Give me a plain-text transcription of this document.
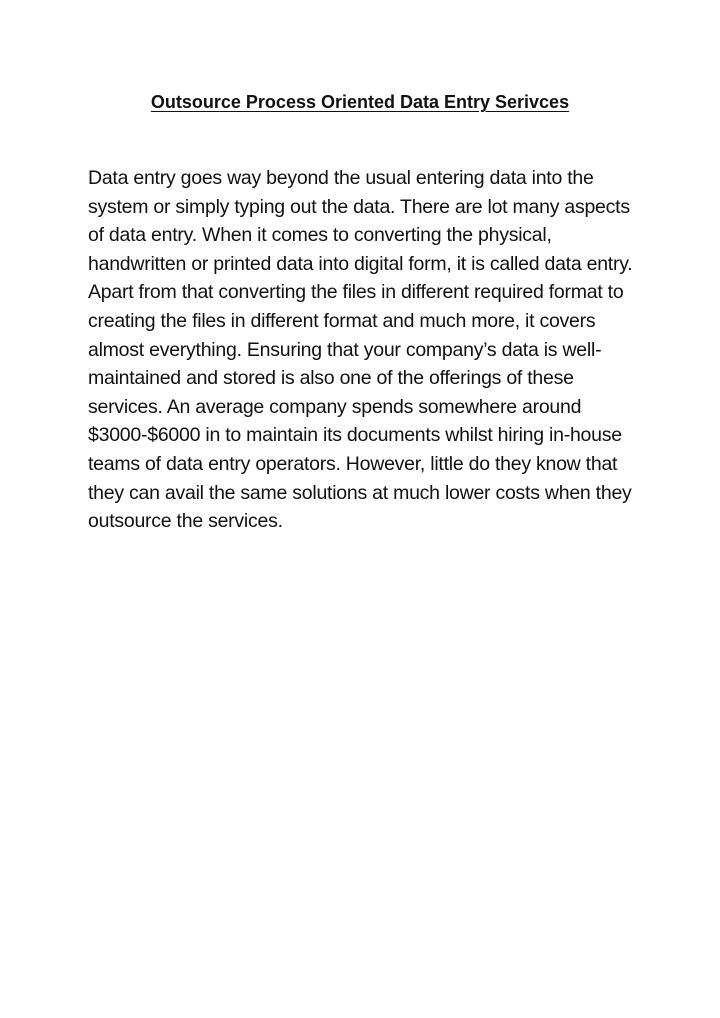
Outsource Process Oriented Data Entry Serivces

Data entry goes way beyond the usual entering data into the system or simply typing out the data. There are lot many aspects of data entry. When it comes to converting the physical, handwritten or printed data into digital form, it is called data entry. Apart from that converting the files in different required format to creating the files in different format and much more, it covers almost everything. Ensuring that your company’s data is well-maintained and stored is also one of the offerings of these services. An average company spends somewhere around $3000-$6000 in to maintain its documents whilst hiring in-house teams of data entry operators. However, little do they know that they can avail the same solutions at much lower costs when they outsource the services.
